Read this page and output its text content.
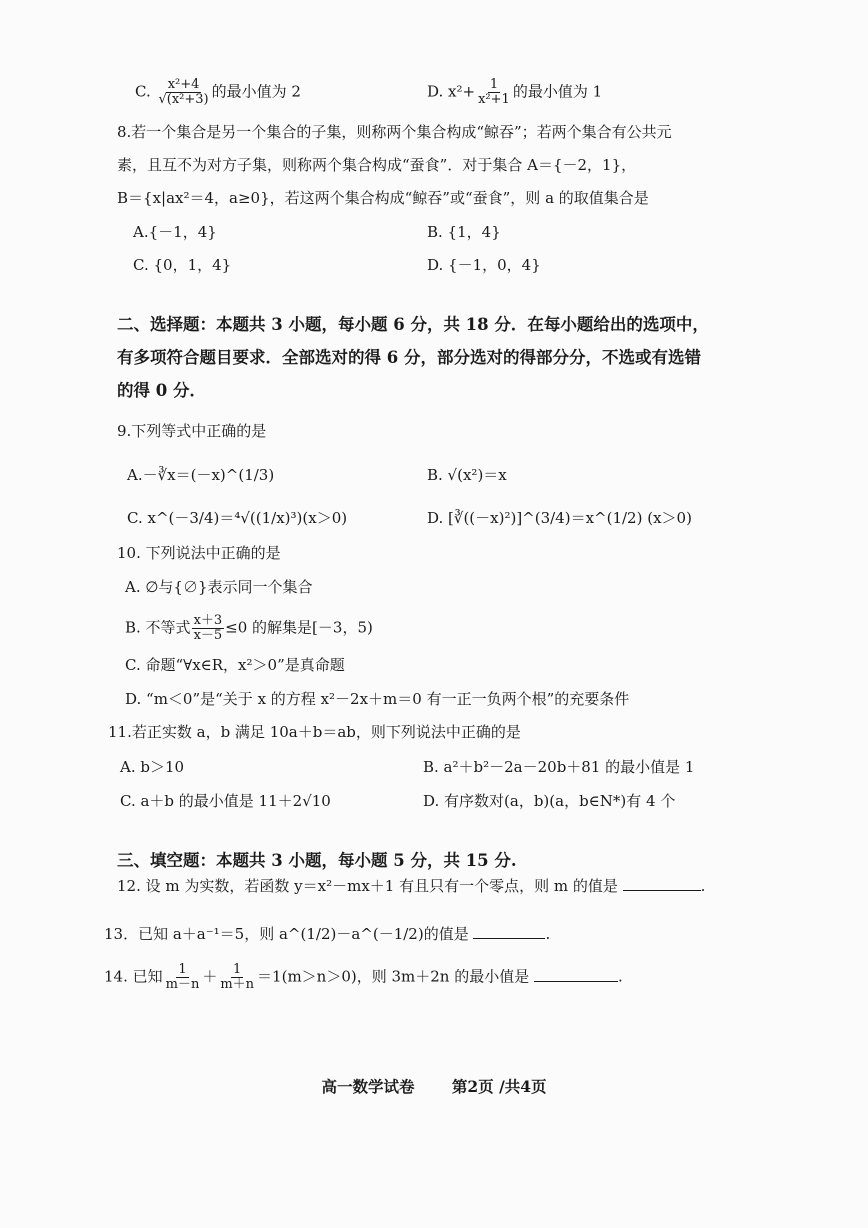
C. $\frac{\text{x²+4}}{\text{√(x²+3)}}$ 的最小值为 2	D. $x^2+ \frac{1}{\text{x²+1}}$ 的最小值为 1
8.若一个集合是另一个集合的子集，则称两个集合构成“鲸吞”；若两个集合有公共元
素，且互不为对方子集，则称两个集合构成“蚕食”．对于集合 A＝{－2，1}，
B＝{x|ax²＝4，a≥0}，若这两个集合构成“鲸吞”或“蚕食”，则 a 的取值集合是
A.{－1，4}	B. {1，4}
C. {0，1，4}	D. {－1，0，4}
二、选择题：本题共 3 小题，每小题 6 分，共 18 分．在每小题给出的选项中，
有多项符合题目要求．全部选对的得 6 分，部分选对的得部分分，不选或有选错
的得 0 分．
9.下列等式中正确的是
A.－∛x＝(－x)^(1/3)	B. √(x²)＝x
C. x^(－3/4)＝⁴√((1/x)³)(x＞0)	D. [∛((－x)²)]^(3/4)＝x^(1/2) (x＞0)
10. 下列说法中正确的是
A. ∅与{∅}表示同一个集合
B. 不等式 $\frac{x+3}{x-5} \le 0$ 的解集是[－3，5)
C. 命题“∀x∈R，x²＞0”是真命题
D. “m＜0”是“关于 x 的方程 x²－2x＋m＝0 有一正一负两个根”的充要条件
11.若正实数 a，b 满足 10a＋b＝ab，则下列说法中正确的是
A. b＞10	B. a²＋b²－2a－20b＋81 的最小值是 1
C. a＋b 的最小值是 11＋2√10	D. 有序数对(a，b)(a，b∈N*)有 4 个
三、填空题：本题共 3 小题，每小题 5 分，共 15 分.
12. 设 m 为实数，若函数 y＝x²－mx＋1 有且只有一个零点，则 m 的值是	.
13．已知 a＋a⁻¹＝5，则 a^(1/2)－a^(－1/2)的值是	.
14. 已知 $\frac{1}{m-n} + \frac{1}{m+n} =1(m>n>0)$，则 3m＋2n 的最小值是	.
高一数学试卷 第2页 /共4页
